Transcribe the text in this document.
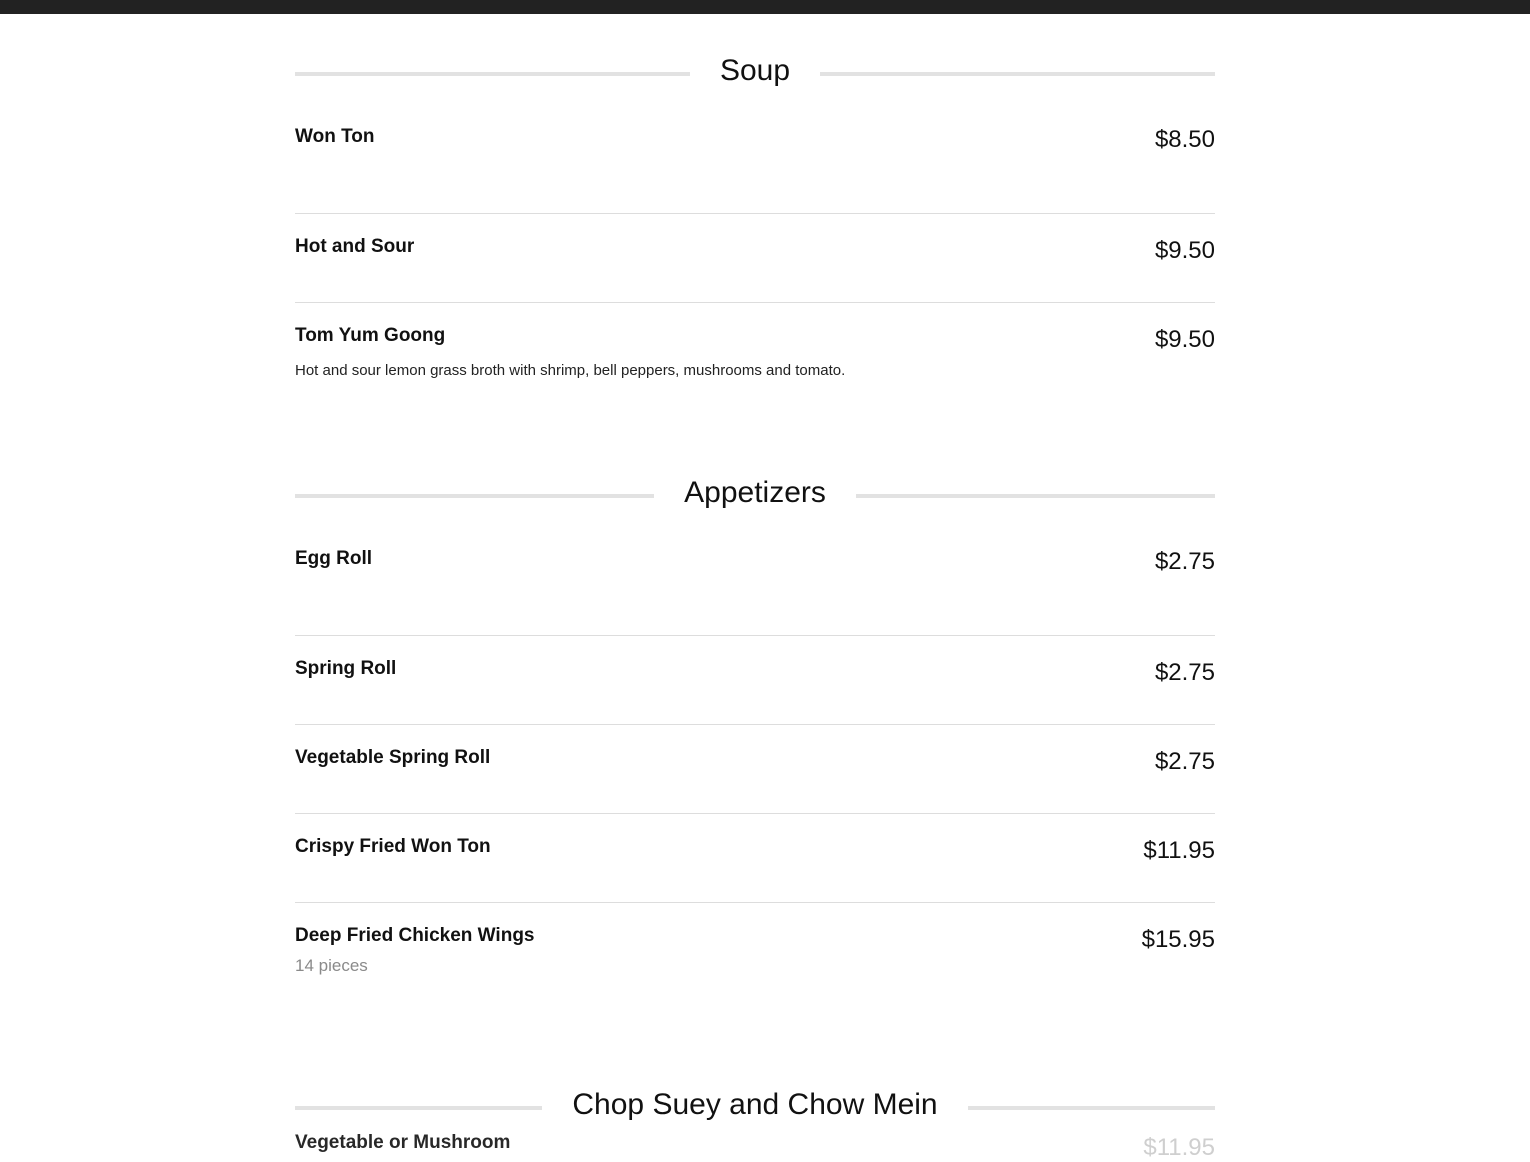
Soup
Won Ton	$8.50
Hot and Sour	$9.50
Tom Yum Goong	$9.50
Hot and sour lemon grass broth with shrimp, bell peppers, mushrooms and tomato.
Appetizers
Egg Roll	$2.75
Spring Roll	$2.75
Vegetable Spring Roll	$2.75
Crispy Fried Won Ton	$11.95
Deep Fried Chicken Wings	$15.95
14 pieces
Chop Suey and Chow Mein
Vegetable or Mushroom	$11.95
